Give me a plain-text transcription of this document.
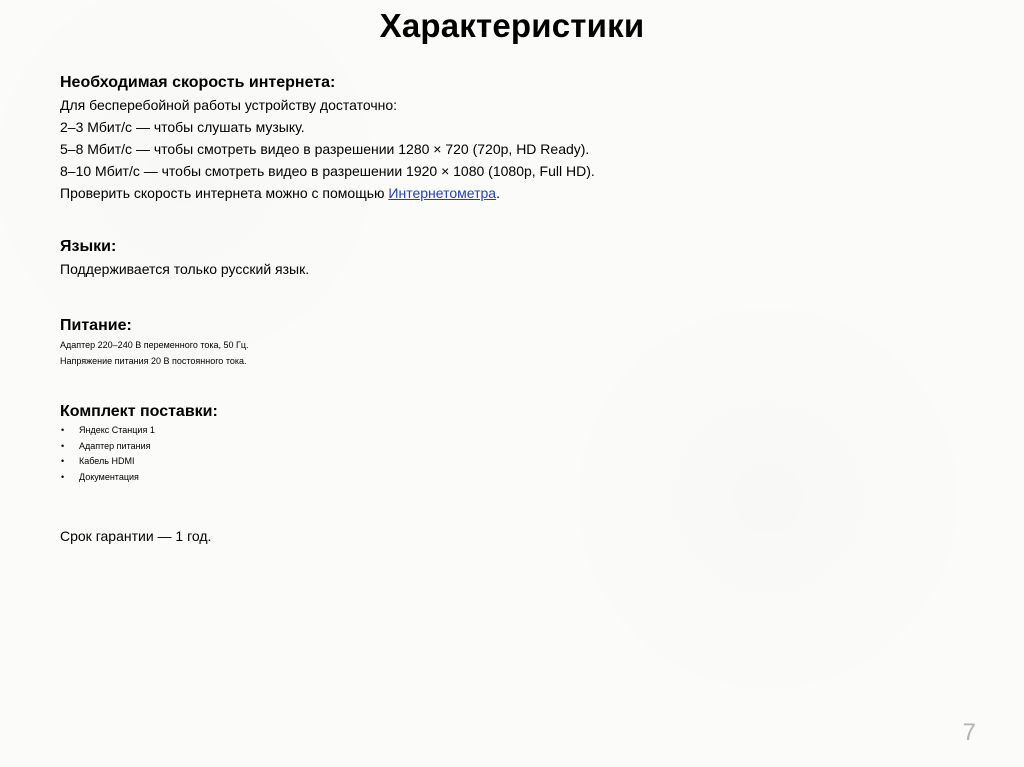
Характеристики

Необходимая скорость интернета:

Для бесперебойной работы устройству достаточно:

2–3 Мбит/с — чтобы слушать музыку.

5–8 Мбит/с — чтобы смотреть видео в разрешении 1280 × 720 (720p, HD Ready).

8–10 Мбит/с — чтобы смотреть видео в разрешении 1920 × 1080 (1080p, Full HD).

Проверить скорость интернета можно с помощью Интернетометра.

Языки:

Поддерживается только русский язык.

Питание:

Адаптер 220–240 В переменного тока, 50 Гц.

Напряжение питания 20 В постоянного тока.

Комплект поставки:

• Яндекс Станция 1
• Адаптер питания
• Кабель HDMI
• Документация

Срок гарантии — 1 год.

7
